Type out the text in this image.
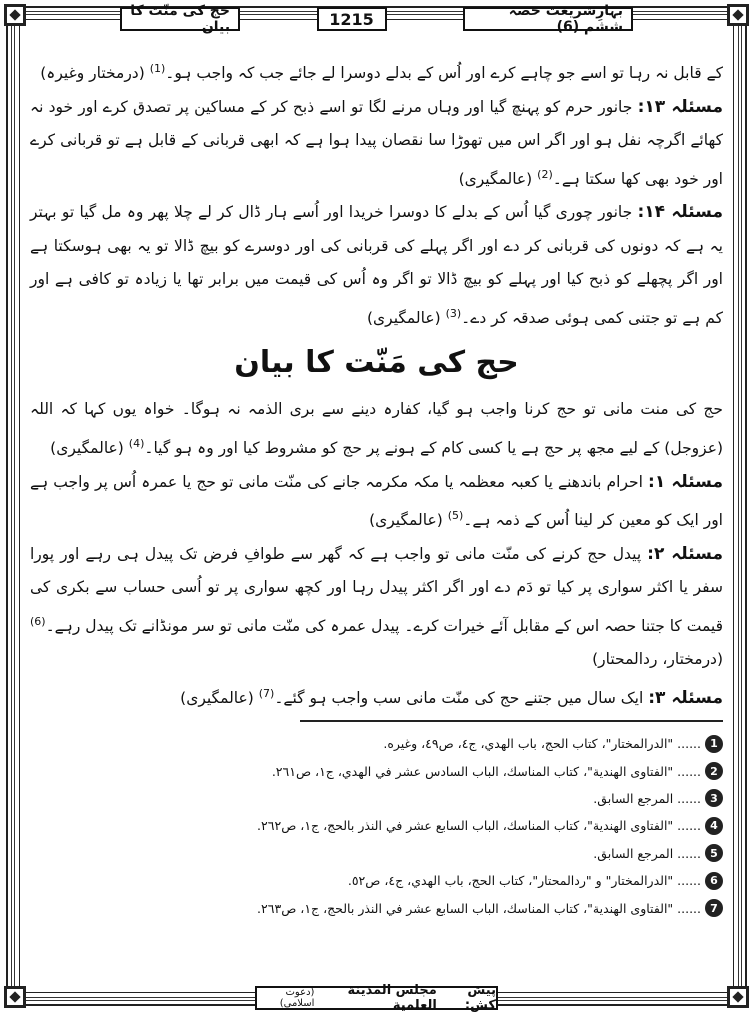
حج کی منّت کا بیان	1215	بہارِشریعت حصہ ششم (6)

کے قابل نہ رہا تو اسے جو چاہے کرے اور اُس کے بدلے دوسرا لے جائے جب کہ واجب ہو۔$^{(1)}$ (درمختار وغیرہ)

مسئلہ ۱۳: جانور حرم کو پہنچ گیا اور وہاں مرنے لگا تو اسے ذبح کر کے مساکین پر تصدق کرے اور خود نہ کھائے اگرچہ نفل ہو اور اگر اس میں تھوڑا سا نقصان پیدا ہوا ہے کہ ابھی قربانی کے قابل ہے تو قربانی کرے اور خود بھی کھا سکتا ہے۔$^{(2)}$ (عالمگیری)

مسئلہ ۱۴: جانور چوری گیا اُس کے بدلے کا دوسرا خریدا اور اُسے ہار ڈال کر لے چلا پھر وہ مل گیا تو بہتر یہ ہے کہ دونوں کی قربانی کر دے اور اگر پہلے کی قربانی کی اور دوسرے کو بیچ ڈالا تو یہ بھی ہوسکتا ہے اور اگر پچھلے کو ذبح کیا اور پہلے کو بیچ ڈالا تو اگر وہ اُس کی قیمت میں برابر تھا یا زیادہ تو کافی ہے اور کم ہے تو جتنی کمی ہوئی صدقہ کر دے۔$^{(3)}$ (عالمگیری)

حج کی مَنّت کا بیان

حج کی منت مانی تو حج کرنا واجب ہو گیا، کفارہ دینے سے بری الذمہ نہ ہوگا۔ خواہ یوں کہا کہ اللہ (عزوجل) کے لیے مجھ پر حج ہے یا کسی کام کے ہونے پر حج کو مشروط کیا اور وہ ہو گیا۔$^{(4)}$ (عالمگیری)

مسئلہ ۱: احرام باندھنے یا کعبہ معظمہ یا مکہ مکرمہ جانے کی منّت مانی تو حج یا عمرہ اُس پر واجب ہے اور ایک کو معین کر لینا اُس کے ذمہ ہے۔$^{(5)}$ (عالمگیری)

مسئلہ ۲: پیدل حج کرنے کی منّت مانی تو واجب ہے کہ گھر سے طوافِ فرض تک پیدل ہی رہے اور پورا سفر یا اکثر سواری پر کیا تو دَم دے اور اگر اکثر پیدل رہا اور کچھ سواری پر تو اُسی حساب سے بکری کی قیمت کا جتنا حصہ اس کے مقابل آئے خیرات کرے۔ پیدل عمرہ کی منّت مانی تو سر مونڈانے تک پیدل رہے۔$^{(6)}$ (درمختار، ردالمحتار)

مسئلہ ۳: ایک سال میں جتنے حج کی منّت مانی سب واجب ہو گئے۔$^{(7)}$ (عالمگیری)

1
...... "الدرالمختار"، كتاب الحج، باب الهدي، ج٤، ص٤٩، وغيره.
2
...... "الفتاوى الهندية"، كتاب المناسك، الباب السادس عشر في الهدي، ج١، ص٢٦١.
3
...... المرجع السابق.
4
...... "الفتاوى الهندية"، كتاب المناسك، الباب السابع عشر في النذر بالحج، ج١، ص٢٦٢.
5
...... المرجع السابق.
6
...... "الدرالمختار" و "ردالمحتار"، كتاب الحج، باب الهدي، ج٤، ص٥٢.
7
...... "الفتاوى الهندية"، كتاب المناسك، الباب السابع عشر في النذر بالحج، ج١، ص٢٦٣.
پیش کش:
مجلس المدينة العلمية
(دعوت اسلامی)
